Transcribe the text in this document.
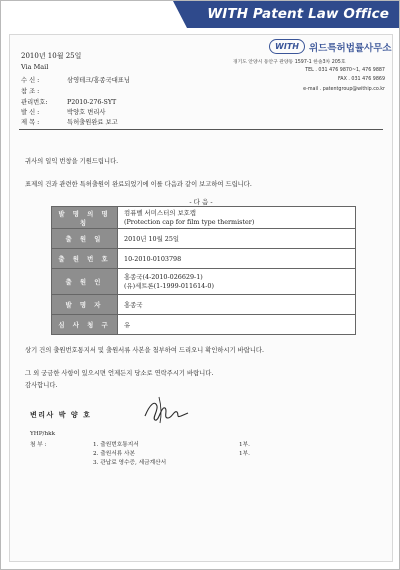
WITH Patent Law Office
2010년 10월 25일
Via Mail
WITH	위드특허법률사무소
경기도 안양시 동안구 관양동 1597-1 한솔3차 205호
TEL . 031 476 9870~1, 476 9887
FAX . 031 476 9869
e-mail . patentgroup@withip.co.kr
수 신 :	삼영테크/홍종국대표님
참 조 :
관리번호:	P2010-276-SYT
발 신 :	박양호 변리사
제 목 :	특허출원완료 보고
귀사의 일익 번창을 기원드립니다.
표제의 건과 관련한 특허출원이 완료되었기에 이를 다음과 같이 보고하여 드립니다.
- 다 음 -
발 명 의 명 칭	컴퓨벨 서미스터의 보호캡
(Protection cap for film type thermister)

출 원 일	2010년 10월 25일
출 원 번 호	10-2010-0103798
출 원 인	홍종국(4-2010-026629-1)
(유)세트론(1-1999-011614-0)

발 명 자	홍종국
심 사 청 구	유
상기 건의 출원번호통지서 및 출원서류 사본을 첨부하여 드리오니 확인하시기 바랍니다.
그 외 궁금한 사항이 있으시면 언제든지 당소로 연락주시기 바랍니다.
감사합니다.
변리사 박 양 호
YHP/hkk
첨 부 :	1. 출원번호통지서	1부.
2. 출원서류 사본	1부.
3. 관납료 영수증, 세금계산서
